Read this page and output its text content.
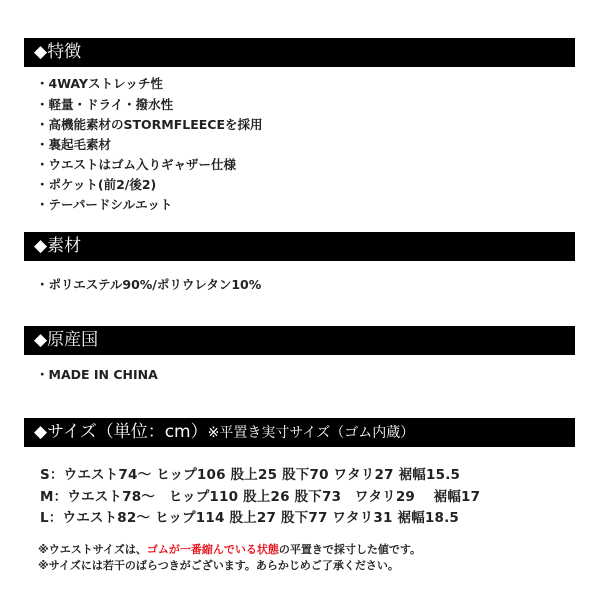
◆特徴
・4WAYストレッチ性
・軽量・ドライ・撥水性
・高機能素材のSTORMFLEECEを採用
・裏起毛素材
・ウエストはゴム入りギャザー仕様
・ポケット(前2/後2)
・テーパードシルエット
◆素材
・ポリエステル90%/ポリウレタン10%
◆原産国
・MADE IN CHINA
◆サイズ（単位：cm）※平置き実寸サイズ（ゴム内蔵）
S：ウエスト74～ ヒップ106 股上25 股下70 ワタリ27 裾幅15.5
M：ウエスト78～　ヒップ110 股上26 股下73　ワタリ29　 裾幅17
L：ウエスト82～ ヒップ114 股上27 股下77 ワタリ31 裾幅18.5
※ウエストサイズは、ゴムが一番縮んでいる状態の平置きで採寸した値です。
※サイズには若干のばらつきがございます。あらかじめご了承ください。
